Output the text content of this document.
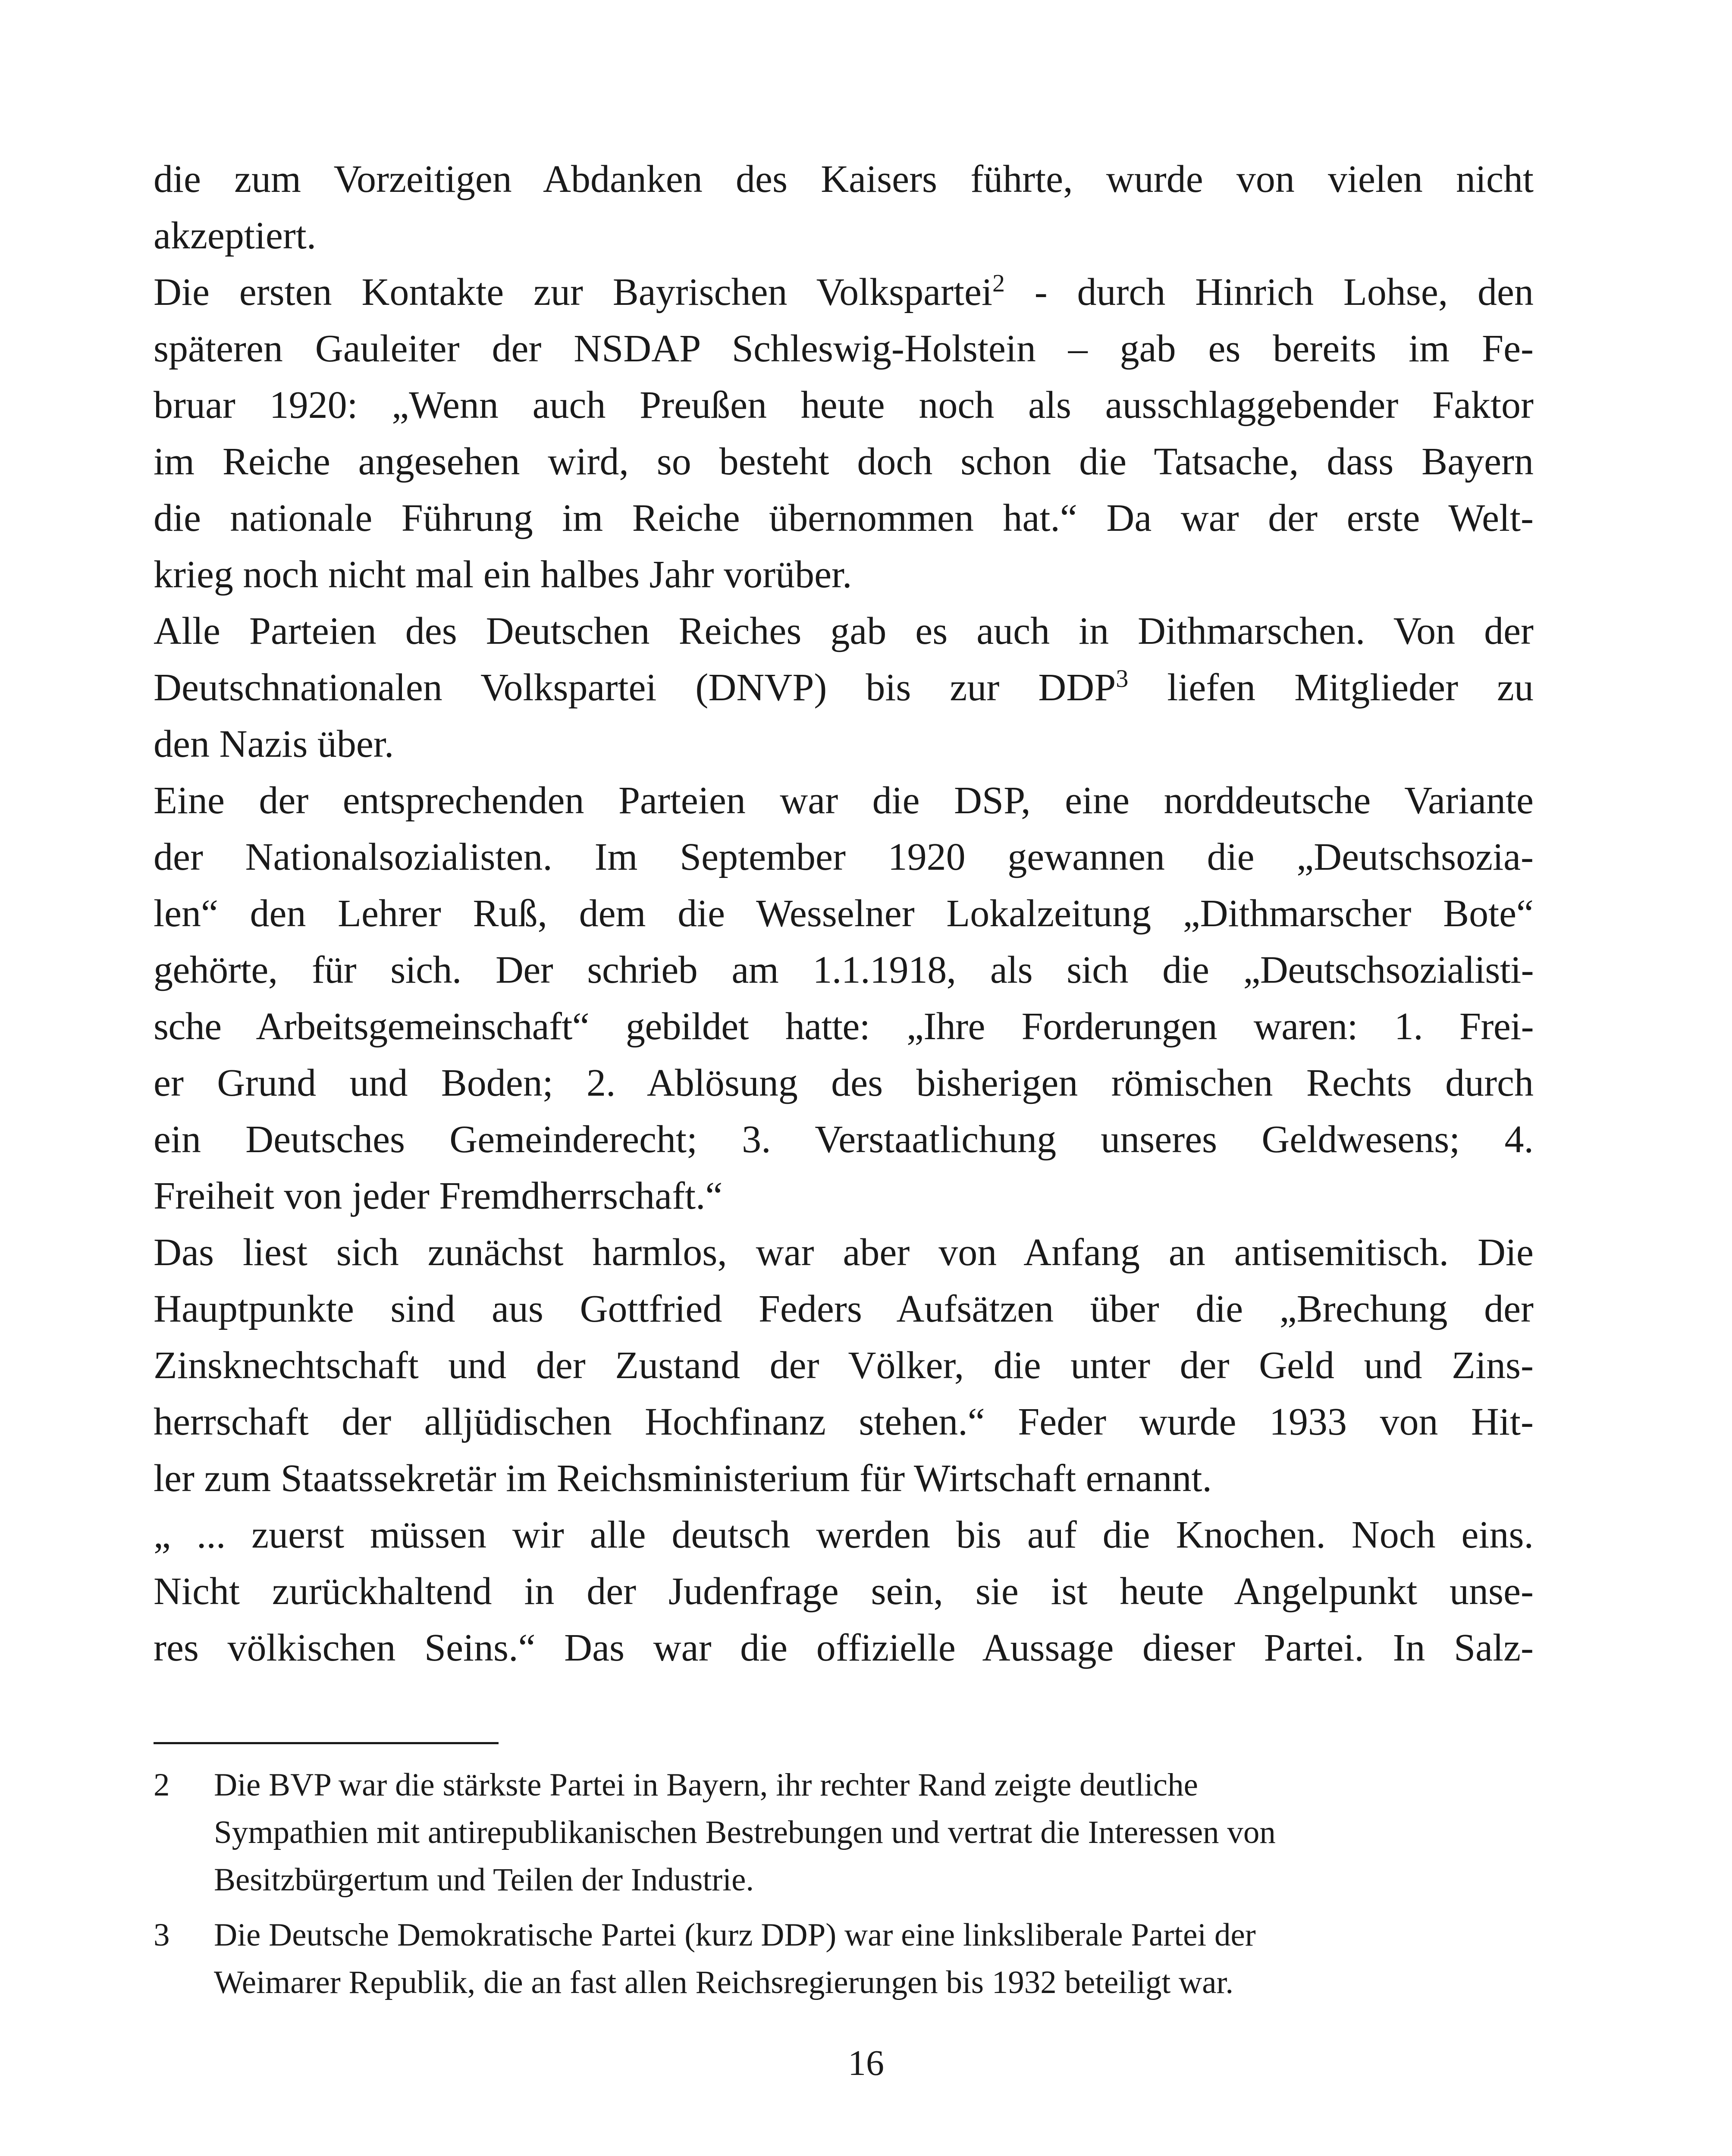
die zum Vorzeitigen Abdanken des Kaisers führte, wurde von vielen nicht
akzeptiert.
Die ersten Kontakte zur Bayrischen Volkspartei$^2$ - durch Hinrich Lohse, den
späteren Gauleiter der NSDAP Schleswig-Holstein – gab es bereits im Fe-
bruar 1920: „Wenn auch Preußen heute noch als ausschlaggebender Faktor
im Reiche angesehen wird, so besteht doch schon die Tatsache, dass Bayern
die nationale Führung im Reiche übernommen hat.“ Da war der erste Welt-
krieg noch nicht mal ein halbes Jahr vorüber.
Alle Parteien des Deutschen Reiches gab es auch in Dithmarschen. Von der
Deutschnationalen Volkspartei (DNVP) bis zur DDP$^3$ liefen Mitglieder zu
den Nazis über.
Eine der entsprechenden Parteien war die DSP, eine norddeutsche Variante
der Nationalsozialisten. Im September 1920 gewannen die „Deutschsozia-
len“ den Lehrer Ruß, dem die Wesselner Lokalzeitung „Dithmarscher Bote“
gehörte, für sich. Der schrieb am 1.1.1918, als sich die „Deutschsozialisti-
sche Arbeitsgemeinschaft“ gebildet hatte: „Ihre Forderungen waren: 1. Frei-
er Grund und Boden; 2. Ablösung des bisherigen römischen Rechts durch
ein Deutsches Gemeinderecht; 3. Verstaatlichung unseres Geldwesens; 4.
Freiheit von jeder Fremdherrschaft.“
Das liest sich zunächst harmlos, war aber von Anfang an antisemitisch. Die
Hauptpunkte sind aus Gottfried Feders Aufsätzen über die „Brechung der
Zinsknechtschaft und der Zustand der Völker, die unter der Geld und Zins-
herrschaft der alljüdischen Hochfinanz stehen.“ Feder wurde 1933 von Hit-
ler zum Staatssekretär im Reichsministerium für Wirtschaft ernannt.
„ ... zuerst müssen wir alle deutsch werden bis auf die Knochen. Noch eins.
Nicht zurückhaltend in der Judenfrage sein, sie ist heute Angelpunkt unse-
res völkischen Seins.“ Das war die offizielle Aussage dieser Partei. In Salz-
2 Die BVP war die stärkste Partei in Bayern, ihr rechter Rand zeigte deutliche
Sympathien mit antirepublikanischen Bestrebungen und vertrat die Interessen von
Besitzbürgertum und Teilen der Industrie.
3 Die Deutsche Demokratische Partei (kurz DDP) war eine linksliberale Partei der
Weimarer Republik, die an fast allen Reichsregierungen bis 1932 beteiligt war.
16
